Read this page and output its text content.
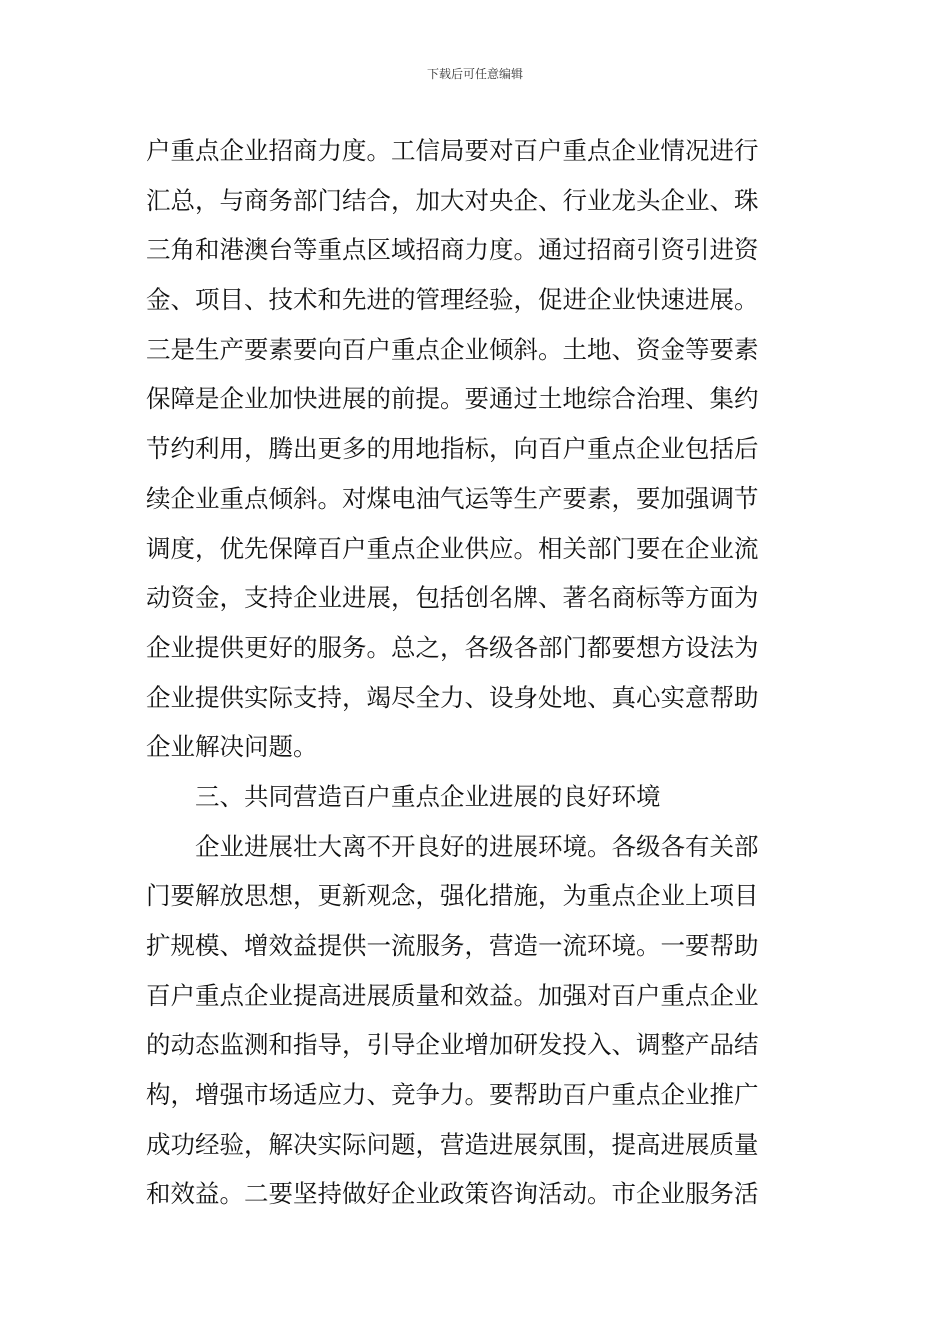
下载后可任意编辑
户重点企业招商力度。工信局要对百户重点企业情况进行
汇总，与商务部门结合，加大对央企、行业龙头企业、珠
三角和港澳台等重点区域招商力度。通过招商引资引进资
金、项目、技术和先进的管理经验，促进企业快速进展。
三是生产要素要向百户重点企业倾斜。土地、资金等要素
保障是企业加快进展的前提。要通过土地综合治理、集约
节约利用，腾出更多的用地指标，向百户重点企业包括后
续企业重点倾斜。对煤电油气运等生产要素，要加强调节
调度，优先保障百户重点企业供应。相关部门要在企业流
动资金，支持企业进展，包括创名牌、著名商标等方面为
企业提供更好的服务。总之，各级各部门都要想方设法为
企业提供实际支持，竭尽全力、设身处地、真心实意帮助
企业解决问题。
三、共同营造百户重点企业进展的良好环境
企业进展壮大离不开良好的进展环境。各级各有关部
门要解放思想，更新观念，强化措施，为重点企业上项目
扩规模、增效益提供一流服务，营造一流环境。一要帮助
百户重点企业提高进展质量和效益。加强对百户重点企业
的动态监测和指导，引导企业增加研发投入、调整产品结
构，增强市场适应力、竞争力。要帮助百户重点企业推广
成功经验，解决实际问题，营造进展氛围，提高进展质量
和效益。二要坚持做好企业政策咨询活动。市企业服务活
